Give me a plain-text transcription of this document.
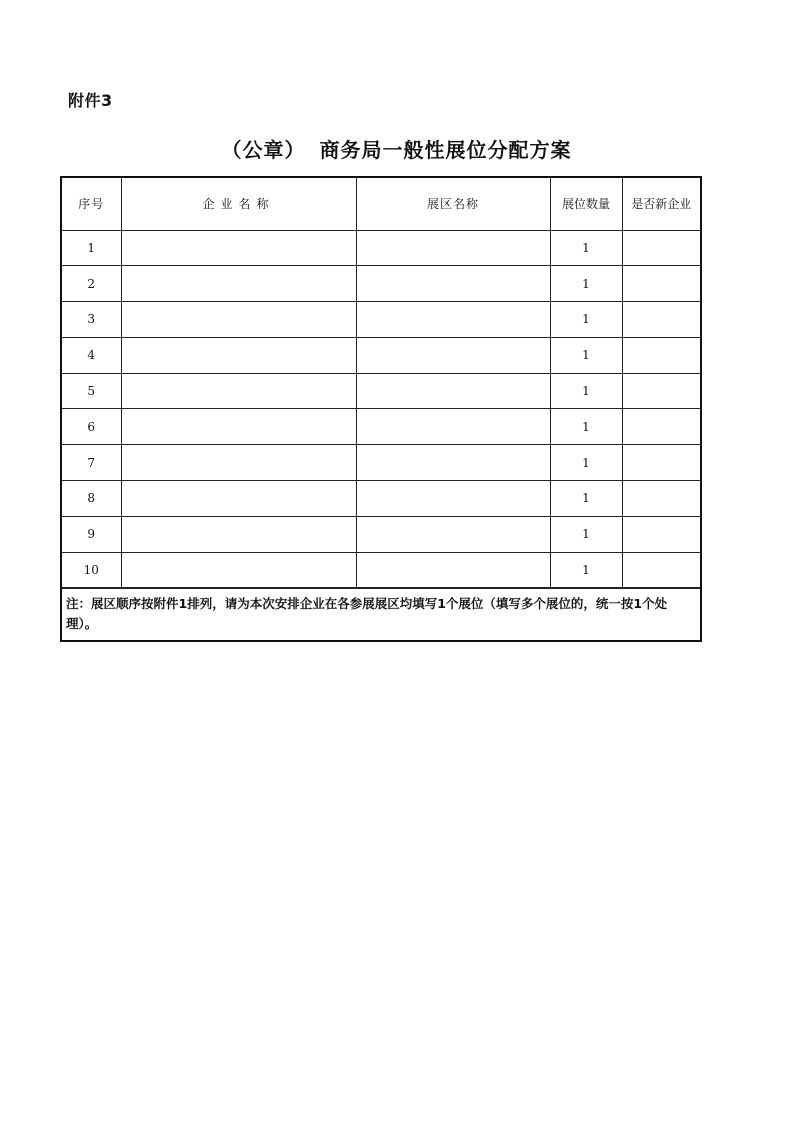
附件3
（公章） 商务局一般性展位分配方案
序号	企业名称	展区名称	展位数量	是否新企业
1			1	
2			1	
3			1	
4			1	
5			1	
6			1	
7			1	
8			1	
9			1	
10			1	
注：展区顺序按附件1排列，请为本次安排企业在各参展展区均填写1个展位（填写多个展位的，统一按1个处理）。
